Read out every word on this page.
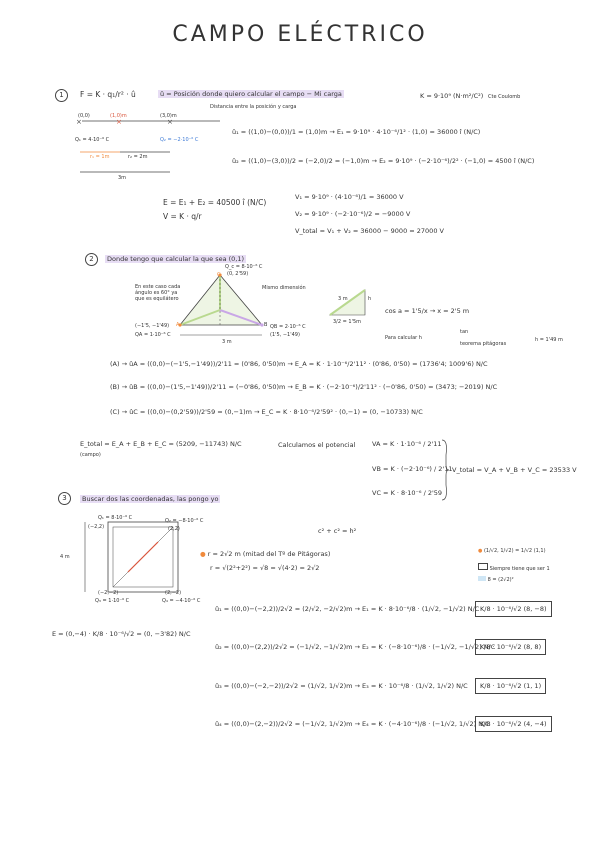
CAMPO ELÉCTRICO
1	F = K · q₁/r² · û	û = Posición donde quiero calcular el campo − Mi carga
Distancia entre la posición y carga
K = 9·10⁹ (N·m²/C²) Cte Coulomb
×	×	×
(0,0)	(1,0)m	(3,0)m
Q₁ = 4·10⁻⁶ C	Q₂ = −2·10⁻⁶ C
r₁ = 1m	r₂ = 2m
3m
û₁ = ((1,0)−(0,0))/1 = (1,0)m → E₁ = 9·10⁹ · 4·10⁻⁶/1² · (1,0) = 36000 î (N/C)
û₂ = ((1,0)−(3,0))/2 = (−2,0)/2 = (−1,0)m → E₂ = 9·10⁹ · (−2·10⁻⁶)/2² · (−1,0) = 4500 î (N/C)
E = E₁ + E₂ = 40500 î (N/C)
V = K · q/r
V₁ = 9·10⁹ · (4·10⁻⁶)/1 = 36000 V
V₂ = 9·10⁹ · (−2·10⁻⁶)/2 = −9000 V
V_total = V₁ + V₂ = 36000 − 9000 = 27000 V
2	Donde tengo que calcular la que sea (0,1)
Q_c = 8·10⁻⁶ C
(0, 2'59)
C
En este caso cada ángulo es 60° ya que es equilátero
Mismo dimensión
(−1'5, −1'49)
QA = 1·10⁻⁶ C
A	B QB = 2·10⁻⁶ C
(1'5, −1'49)
3 m
h
3/2 = 1'5m
3 m
cos a = 1'5/x → x = 2'5 m
Para calcular h
tan
teorema pitágoras
h = 1'49 m
(A) → ûA = ((0,0)−(−1'5,−1'49))/2'11 = (0'86, 0'50)m → E_A = K · 1·10⁻⁶/2'11² · (0'86, 0'50) = (1736'4; 1009'6) N/C
(B) → ûB = ((0,0)−(1'5,−1'49))/2'11 = (−0'86, 0'50)m → E_B = K · (−2·10⁻⁶)/2'11² · (−0'86, 0'50) = (3473; −2019) N/C
(C) → ûC = ((0,0)−(0,2'59))/2'59 = (0,−1)m → E_C = K · 8·10⁻⁶/2'59² · (0,−1) = (0, −10733) N/C
E_total = E_A + E_B + E_C = (5209, −11743) N/C
(campo)
Calculamos el potencial	VA = K · 1·10⁻⁶ / 2'11
VB = K · (−2·10⁻⁶) / 2'11
VC = K · 8·10⁻⁶ / 2'59
V_total = V_A + V_B + V_C = 23533 V
3	Buscar dos las coordenadas, las pongo yo
Q₁ = 8·10⁻⁶ C	Q₂ = −8·10⁻⁶ C
(−2,2)	(2,2)
4 m
(−2,−2)
Q₃ = 1·10⁻⁶ C
(2,−2)
Q₄ = −4·10⁻⁶ C
c² + c² = h²
● r = 2√2 m (mitad del Tº de Pitágoras)
r = √(2²+2²) = √8 = √(4·2) = 2√2
● (1/√2, 1/√2) = 1/√2 (1,1)
Siempre tiene que ser 1
8 = (2√2)²
E = (0,−4) · K/8 · 10⁻⁶/√2 = (0, −3'82) N/C
û₁ = ((0,0)−(−2,2))/2√2 = (2/√2, −2/√2)m → E₁ = K · 8·10⁻⁶/8 · (1/√2, −1/√2) N/C K/8 · 10⁻⁶/√2 (8, −8)
û₂ = ((0,0)−(2,2))/2√2 = (−1/√2, −1/√2)m → E₂ = K · (−8·10⁻⁶)/8 · (−1/√2, −1/√2) N/C
K/8 · 10⁻⁶/√2 (8, 8)
û₃ = ((0,0)−(−2,−2))/2√2 = (1/√2, 1/√2)m → E₃ = K · 10⁻⁶/8 · (1/√2, 1/√2) N/C	K/8 · 10⁻⁶/√2 (1, 1)
û₄ = ((0,0)−(2,−2))/2√2 = (−1/√2, 1/√2)m → E₄ = K · (−4·10⁻⁶)/8 · (−1/√2, 1/√2) N/C
K/8 · 10⁻⁶/√2 (4, −4)
